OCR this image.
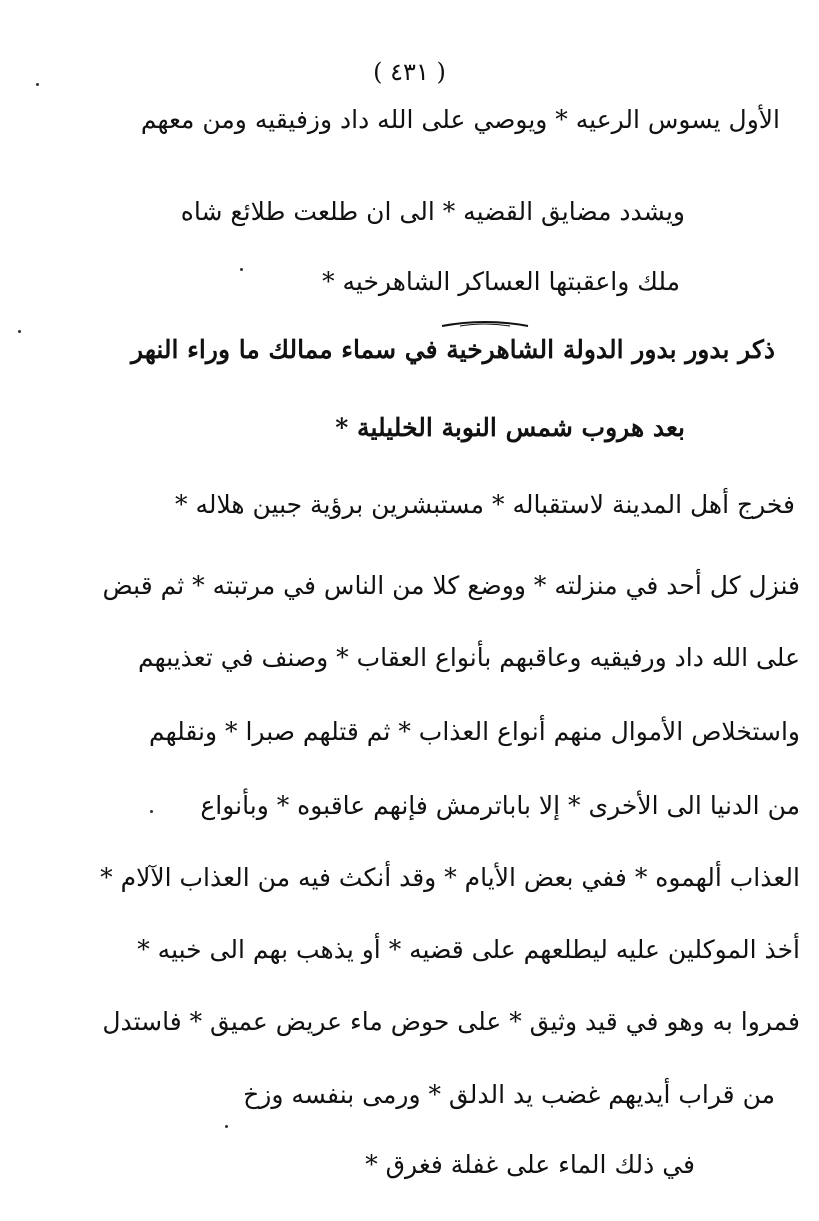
( ٤٣١ )
الأول يسوس الرعيه * ويوصي على الله داد وزفيقيه ومن معهم
ويشدد مضايق القضيه * الى ان طلعت طلائع شاه
ملك واعقبتها العساكر الشاهرخيه *
ذكر بدور بدور الدولة الشاهرخية في سماء ممالك ما وراء النهر
بعد هروب شمس النوبة الخليلية *
فخرج أهل المدينة لاستقباله * مستبشرين برؤية جبين هلاله *
فنزل كل أحد في منزلته * ووضع كلا من الناس في مرتبته * ثم قبض
على الله داد ورفيقيه وعاقبهم بأنواع العقاب * وصنف في تعذيبهم
واستخلاص الأموال منهم أنواع العذاب * ثم قتلهم صبرا * ونقلهم
من الدنيا الى الأخرى * إلا باباترمش فإنهم عاقبوه * وبأنواع
العذاب ألهموه * ففي بعض الأيام * وقد أنكث فيه من العذاب الآلام *
أخذ الموكلين عليه ليطلعهم على قضيه * أو يذهب بهم الى خبيه *
فمروا به وهو في قيد وثيق * على حوض ماء عريض عميق * فاستدل
من قراب أيديهم غضب يد الدلق * ورمى بنفسه وزخ
في ذلك الماء على غفلة فغرق *
